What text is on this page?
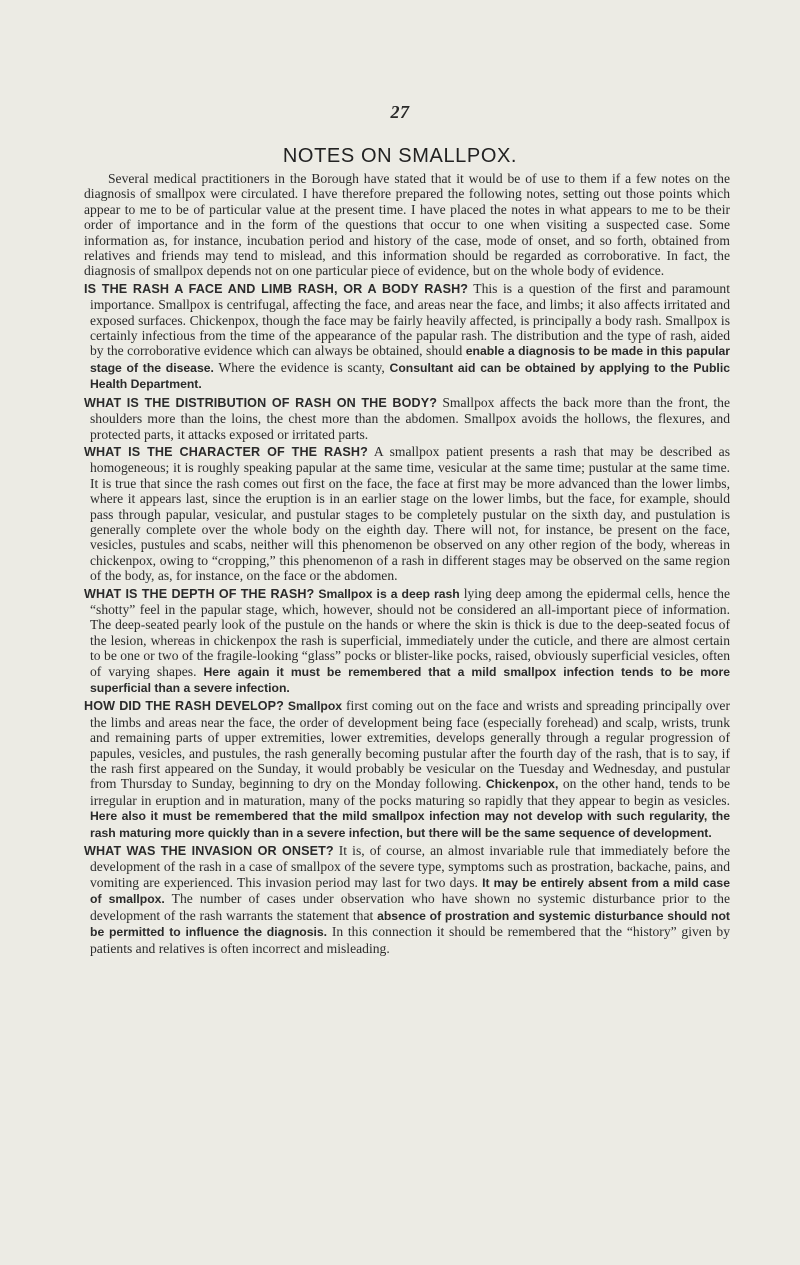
27
NOTES ON SMALLPOX.

Several medical practitioners in the Borough have stated that it would be of use to them if a few notes on the diagnosis of smallpox were circulated. I have therefore prepared the following notes, setting out those points which appear to me to be of particular value at the present time. I have placed the notes in what appears to me to be their order of importance and in the form of the questions that occur to one when visiting a suspected case. Some information as, for instance, incubation period and history of the case, mode of onset, and so forth, obtained from relatives and friends may tend to mislead, and this information should be regarded as corroborative. In fact, the diagnosis of smallpox depends not on one particular piece of evidence, but on the whole body of evidence.

IS THE RASH A FACE AND LIMB RASH, OR A BODY RASH? This is a question of the first and paramount importance. Smallpox is centrifugal, affecting the face, and areas near the face, and limbs; it also affects irritated and exposed surfaces. Chickenpox, though the face may be fairly heavily affected, is principally a body rash. Smallpox is certainly infectious from the time of the appearance of the papular rash. The distribution and the type of rash, aided by the corroborative evidence which can always be obtained, should enable a diagnosis to be made in this papular stage of the disease. Where the evidence is scanty, Consultant aid can be obtained by applying to the Public Health Department.

WHAT IS THE DISTRIBUTION OF RASH ON THE BODY? Smallpox affects the back more than the front, the shoulders more than the loins, the chest more than the abdomen. Smallpox avoids the hollows, the flexures, and protected parts, it attacks exposed or irritated parts.

WHAT IS THE CHARACTER OF THE RASH? A smallpox patient presents a rash that may be described as homogeneous; it is roughly speaking papular at the same time, vesicular at the same time; pustular at the same time. It is true that since the rash comes out first on the face, the face at first may be more advanced than the lower limbs, where it appears last, since the eruption is in an earlier stage on the lower limbs, but the face, for example, should pass through papular, vesicular, and pustular stages to be completely pustular on the sixth day, and pustulation is generally complete over the whole body on the eighth day. There will not, for instance, be present on the face, vesicles, pustules and scabs, neither will this phenomenon be observed on any other region of the body, whereas in chickenpox, owing to “cropping,” this phenomenon of a rash in different stages may be observed on the same region of the body, as, for instance, on the face or the abdomen.

WHAT IS THE DEPTH OF THE RASH? Smallpox is a deep rash lying deep among the epidermal cells, hence the “shotty” feel in the papular stage, which, however, should not be considered an all-important piece of information. The deep-seated pearly look of the pustule on the hands or where the skin is thick is due to the deep-seated focus of the lesion, whereas in chickenpox the rash is superficial, immediately under the cuticle, and there are almost certain to be one or two of the fragile-looking “glass” pocks or blister-like pocks, raised, obviously superficial vesicles, often of varying shapes. Here again it must be remembered that a mild smallpox infection tends to be more superficial than a severe infection.

HOW DID THE RASH DEVELOP? Smallpox first coming out on the face and wrists and spreading principally over the limbs and areas near the face, the order of development being face (especially forehead) and scalp, wrists, trunk and remaining parts of upper extremities, lower extremities, develops generally through a regular progression of papules, vesicles, and pustules, the rash generally becoming pustular after the fourth day of the rash, that is to say, if the rash first appeared on the Sunday, it would probably be vesicular on the Tuesday and Wednesday, and pustular from Thursday to Sunday, beginning to dry on the Monday following. Chickenpox, on the other hand, tends to be irregular in eruption and in maturation, many of the pocks maturing so rapidly that they appear to begin as vesicles. Here also it must be remembered that the mild smallpox infection may not develop with such regularity, the rash maturing more quickly than in a severe infection, but there will be the same sequence of development.

WHAT WAS THE INVASION OR ONSET? It is, of course, an almost invariable rule that immediately before the development of the rash in a case of smallpox of the severe type, symptoms such as prostration, backache, pains, and vomiting are experienced. This invasion period may last for two days. It may be entirely absent from a mild case of smallpox. The number of cases under observation who have shown no systemic disturbance prior to the development of the rash warrants the statement that absence of prostration and systemic disturbance should not be permitted to influence the diagnosis. In this connection it should be remembered that the “history” given by patients and relatives is often incorrect and misleading.
